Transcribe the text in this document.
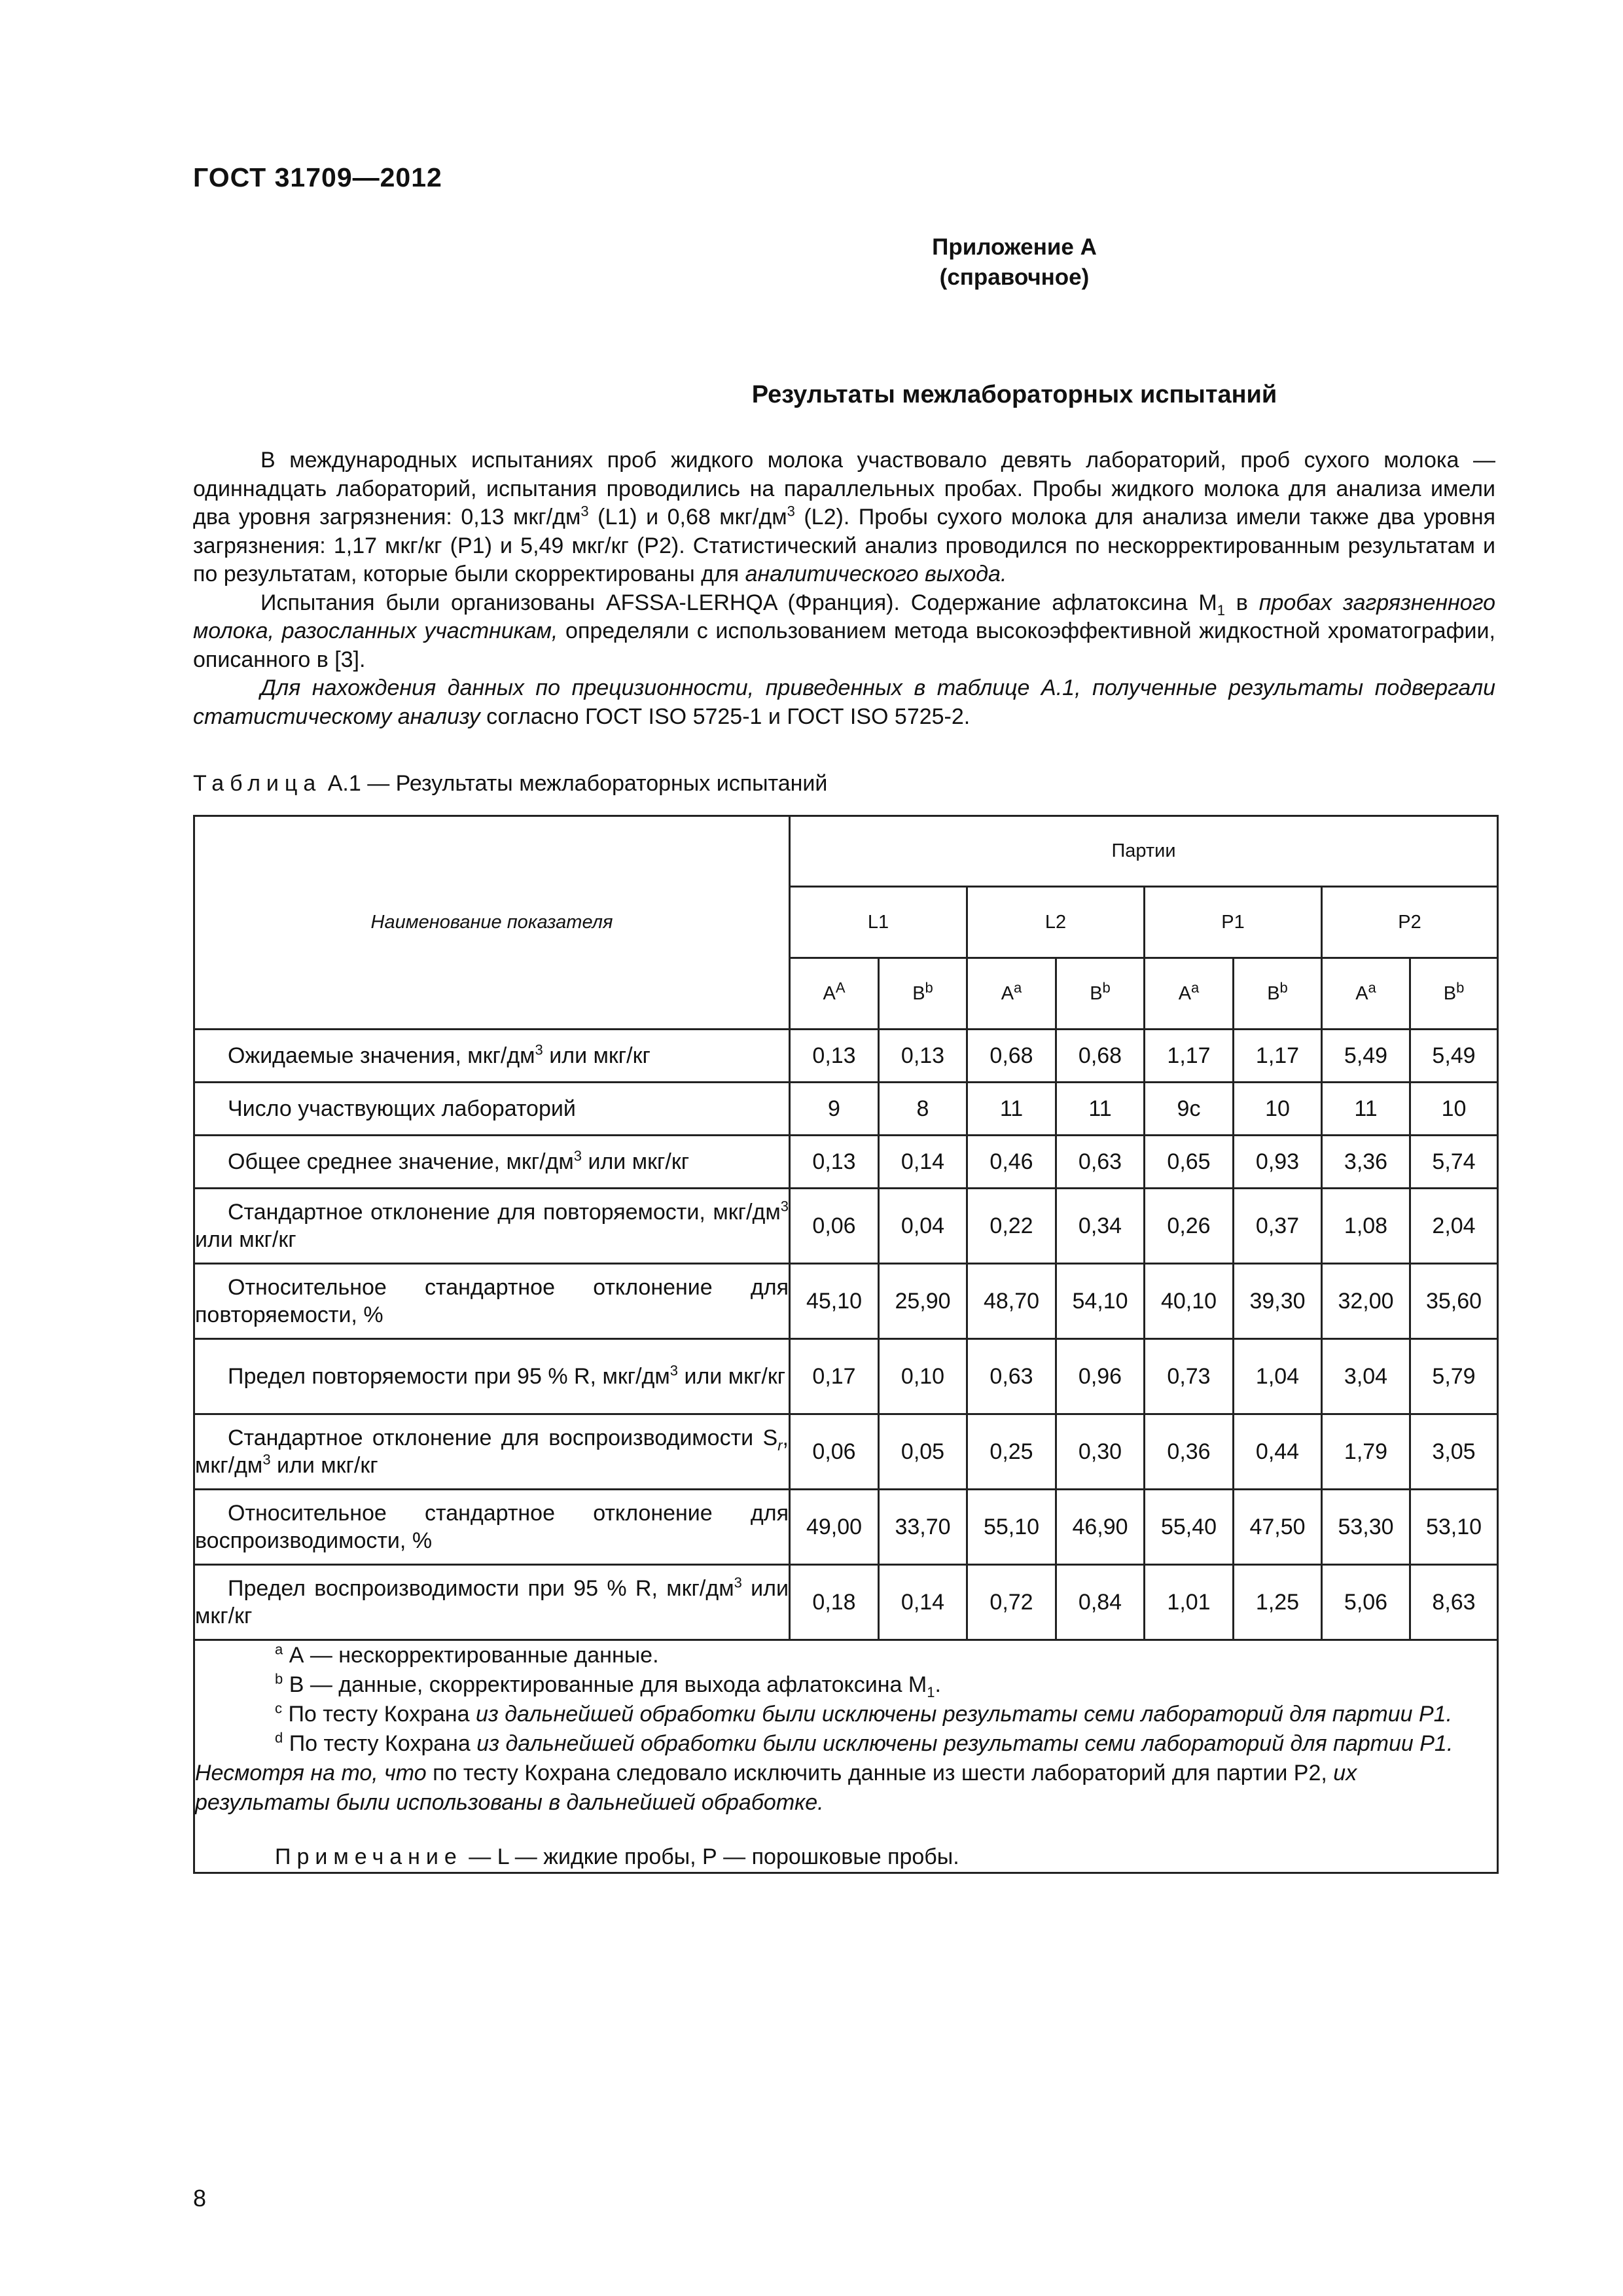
ГОСТ 31709—2012
Приложение А
(справочное)
Результаты межлабораторных испытаний

В международных испытаниях проб жидкого молока участвовало девять лабораторий, проб сухого молока — одиннадцать лабораторий, испытания проводились на параллельных пробах. Пробы жидкого молока для анализа имели два уровня загрязнения: 0,13 мкг/$дм^3$ (L1) и 0,68 мкг/$дм^3$ (L2). Пробы сухого молока для анализа имели также два уровня загрязнения: 1,17 мкг/кг (P1) и 5,49 мкг/кг (P2). Статистический анализ проводился по нескорректированным результатам и по результатам, которые были скорректированы для аналитического выхода.

Испытания были организованы AFSSA-LERHQA (Франция). Содержание афлатоксина $M_1$ в пробах загрязненного молока, разосланных участникам, определяли с использованием метода высокоэффективной жидкостной хроматографии, описанного в [3].

Для нахождения данных по прецизионности, приведенных в таблице А.1, полученные результаты подвергали статистическому анализу согласно ГОСТ ISO 5725-1 и ГОСТ ISO 5725-2.

Таблица А.1 — Результаты межлабораторных испытаний
Наименование показателя	Партии							
	L1		L2		P1		P2	
	$A^A$	$B^b$	$A^a$	$B^b$	$A^a$	$B^b$	$A^a$	$B^b$
Ожидаемые значения, мкг/$дм^3$ или мкг/кг	0,13	0,13	0,68	0,68	1,17	1,17	5,49	5,49
Число участвующих лабораторий	9	8	11	11	9с	10	11	10
Общее среднее значение, мкг/$дм^3$ или мкг/кг	0,13	0,14	0,46	0,63	0,65	0,93	3,36	5,74
Стандартное отклонение для повторяемости, мкг/$дм^3$ или мкг/кг	0,06	0,04	0,22	0,34	0,26	0,37	1,08	2,04
Относительное стандартное отклонение для повторяемости, %	45,10	25,90	48,70	54,10	40,10	39,30	32,00	35,60
Предел повторяемости при 95 % R, мкг/$дм^3$ или мкг/кг	0,17	0,10	0,63	0,96	0,73	1,04	3,04	5,79
Стандартное отклонение для воспроизводимости $S_r$, мкг/$дм^3$ или мкг/кг	0,06	0,05	0,25	0,30	0,36	0,44	1,79	3,05
Относительное стандартное отклонение для воспроизводимости, %	49,00	33,70	55,10	46,90	55,40	47,50	53,30	53,10
Предел воспроизводимости при 95 % R, мкг/$дм^3$ или мкг/кг	0,18	0,14	0,72	0,84	1,01	1,25	5,06	8,63

$^a$ А — нескорректированные данные.

$^b$ В — данные, скорректированные для выхода афлатоксина $М_1$.

$^c$ По тесту Кохрана из дальнейшей обработки были исключены результаты семи лабораторий для партии Р1.

$^d$ По тесту Кохрана из дальнейшей обработки были исключены результаты семи лабораторий для партии Р1. Несмотря на то, что по тесту Кохрана следовало исключить данные из шести лабораторий для партии Р2, их результаты были использованы в дальнейшей обработке.

Примечание — L — жидкие пробы, Р — порошковые пробы.								

8
